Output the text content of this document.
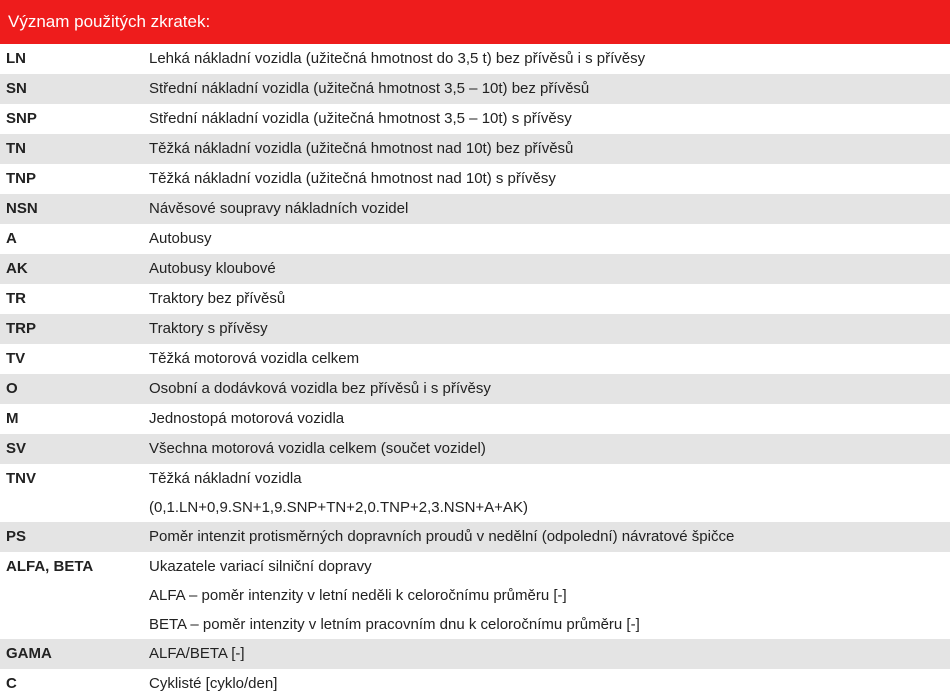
Význam použitých zkratek:
LN	Lehká nákladní vozidla (užitečná hmotnost do 3,5 t) bez přívěsů i s přívěsy
SN	Střední nákladní vozidla (užitečná hmotnost 3,5 – 10t) bez přívěsů
SNP	Střední nákladní vozidla (užitečná hmotnost 3,5 – 10t) s přívěsy
TN	Těžká nákladní vozidla (užitečná hmotnost nad 10t) bez přívěsů
TNP	Těžká nákladní vozidla (užitečná hmotnost nad 10t) s přívěsy
NSN	Návěsové soupravy nákladních vozidel
A	Autobusy
AK	Autobusy kloubové
TR	Traktory bez přívěsů
TRP	Traktory s přívěsy
TV	Těžká motorová vozidla celkem
O	Osobní a dodávková vozidla bez přívěsů i s přívěsy
M	Jednostopá motorová vozidla
SV	Všechna motorová vozidla celkem (součet vozidel)
TNV	Těžká nákladní vozidla
(0,1.LN+0,9.SN+1,9.SNP+TN+2,0.TNP+2,3.NSN+A+AK)
PS	Poměr intenzit protisměrných dopravních proudů v nedělní (odpolední) návratové špičce
ALFA, BETA	Ukazatele variací silniční dopravy
ALFA – poměr intenzity v letní neděli k celoročnímu průměru [-]
BETA – poměr intenzity v letním pracovním dnu k celoročnímu průměru [-]
GAMA	ALFA/BETA [-]
C	Cyklisté [cyklo/den]
